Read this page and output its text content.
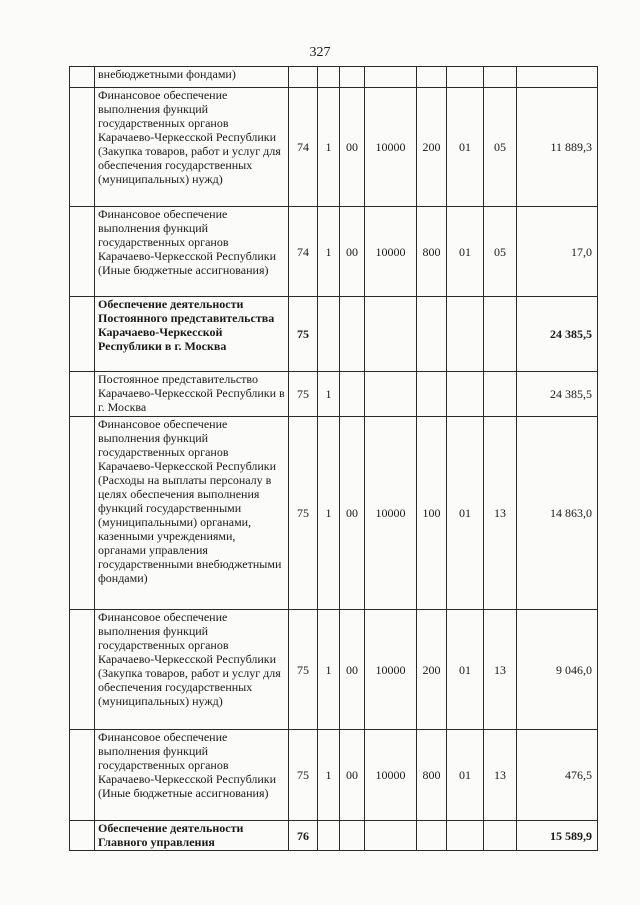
327
	внебюджетными фондами)								
	Финансовое обеспечение выполнения функций государственных органов Карачаево-Черкесской Республики (Закупка товаров, работ и услуг для обеспечения государственных (муниципальных) нужд)	74	1	00	10000	200	01	05	11 889,3
	Финансовое обеспечение выполнения функций государственных органов Карачаево-Черкесской Республики (Иные бюджетные ассигнования)	74	1	00	10000	800	01	05	17,0
	Обеспечение деятельности Постоянного представительства Карачаево-Черкесской Республики в г. Москва	75							24 385,5
	Постоянное представительство Карачаево-Черкесской Республики в г. Москва	75	1						24 385,5
	Финансовое обеспечение выполнения функций государственных органов Карачаево-Черкесской Республики (Расходы на выплаты персоналу в целях обеспечения выполнения функций государственными (муниципальными) органами, казенными учреждениями, органами управления государственными внебюджетными фондами)	75	1	00	10000	100	01	13	14 863,0
	Финансовое обеспечение выполнения функций государственных органов Карачаево-Черкесской Республики (Закупка товаров, работ и услуг для обеспечения государственных (муниципальных) нужд)	75	1	00	10000	200	01	13	9 046,0
	Финансовое обеспечение выполнения функций государственных органов Карачаево-Черкесской Республики (Иные бюджетные ассигнования)	75	1	00	10000	800	01	13	476,5
	Обеспечение деятельности Главного управления	76							15 589,9
